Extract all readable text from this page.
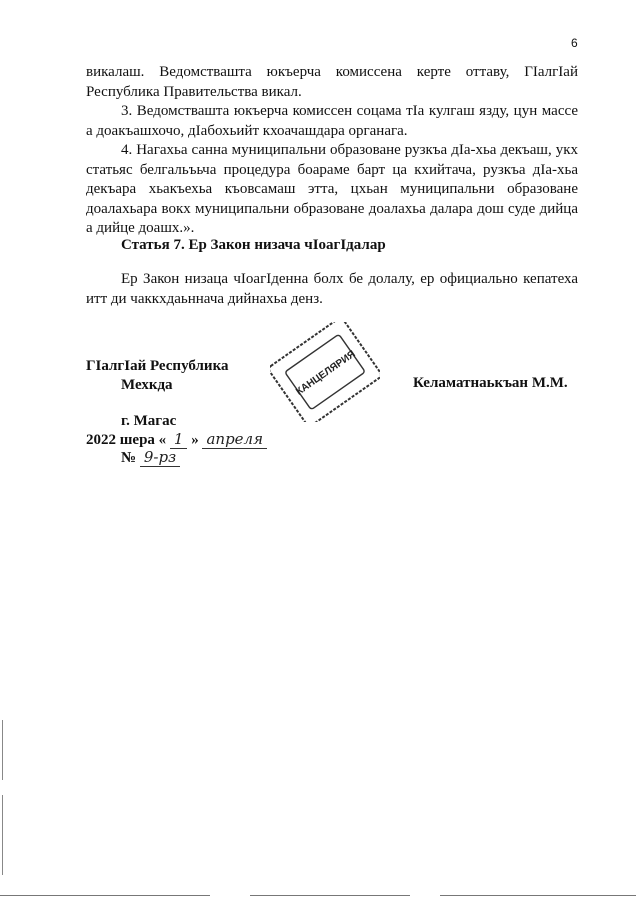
6
викалаш. Ведомствашта юкъерча комиссена керте оттаву, ГӀалгӀай Республика Правительства викал.
3. Ведомствашта юкъерча комиссен соцама тӀа кулгаш язду, цун массе а доакъашхочо, дӀабохьийт кхоачашдара органага.
4. Нагахьа санна муниципальни образоване рузкъа дӀа-хьа декъаш, укх статьяс белгальъьча процедура боараме барт ца кхийтача, рузкъа дӀа-хьа декъара хьакъехьа къовсамаш этта, цхьан муниципальни образоване доалахьара вокх муниципальни образоване доалахьа далара дош суде дийца а дийце доашх.».
Статья 7. Ер Закон низача чӀоагӀдалар
Ер Закон низаца чӀоагӀденна болх бе долалу, ер официально кепатеха итт ди чаккхдаьннача дийнахьа денз.
ГӀалгӀай Республика
Мехкда	Келаматнаькъан М.М.
г. Магас
2022 шера « 1 » апреля
№ 9-рз
КАНЦЕЛЯРИЯ
